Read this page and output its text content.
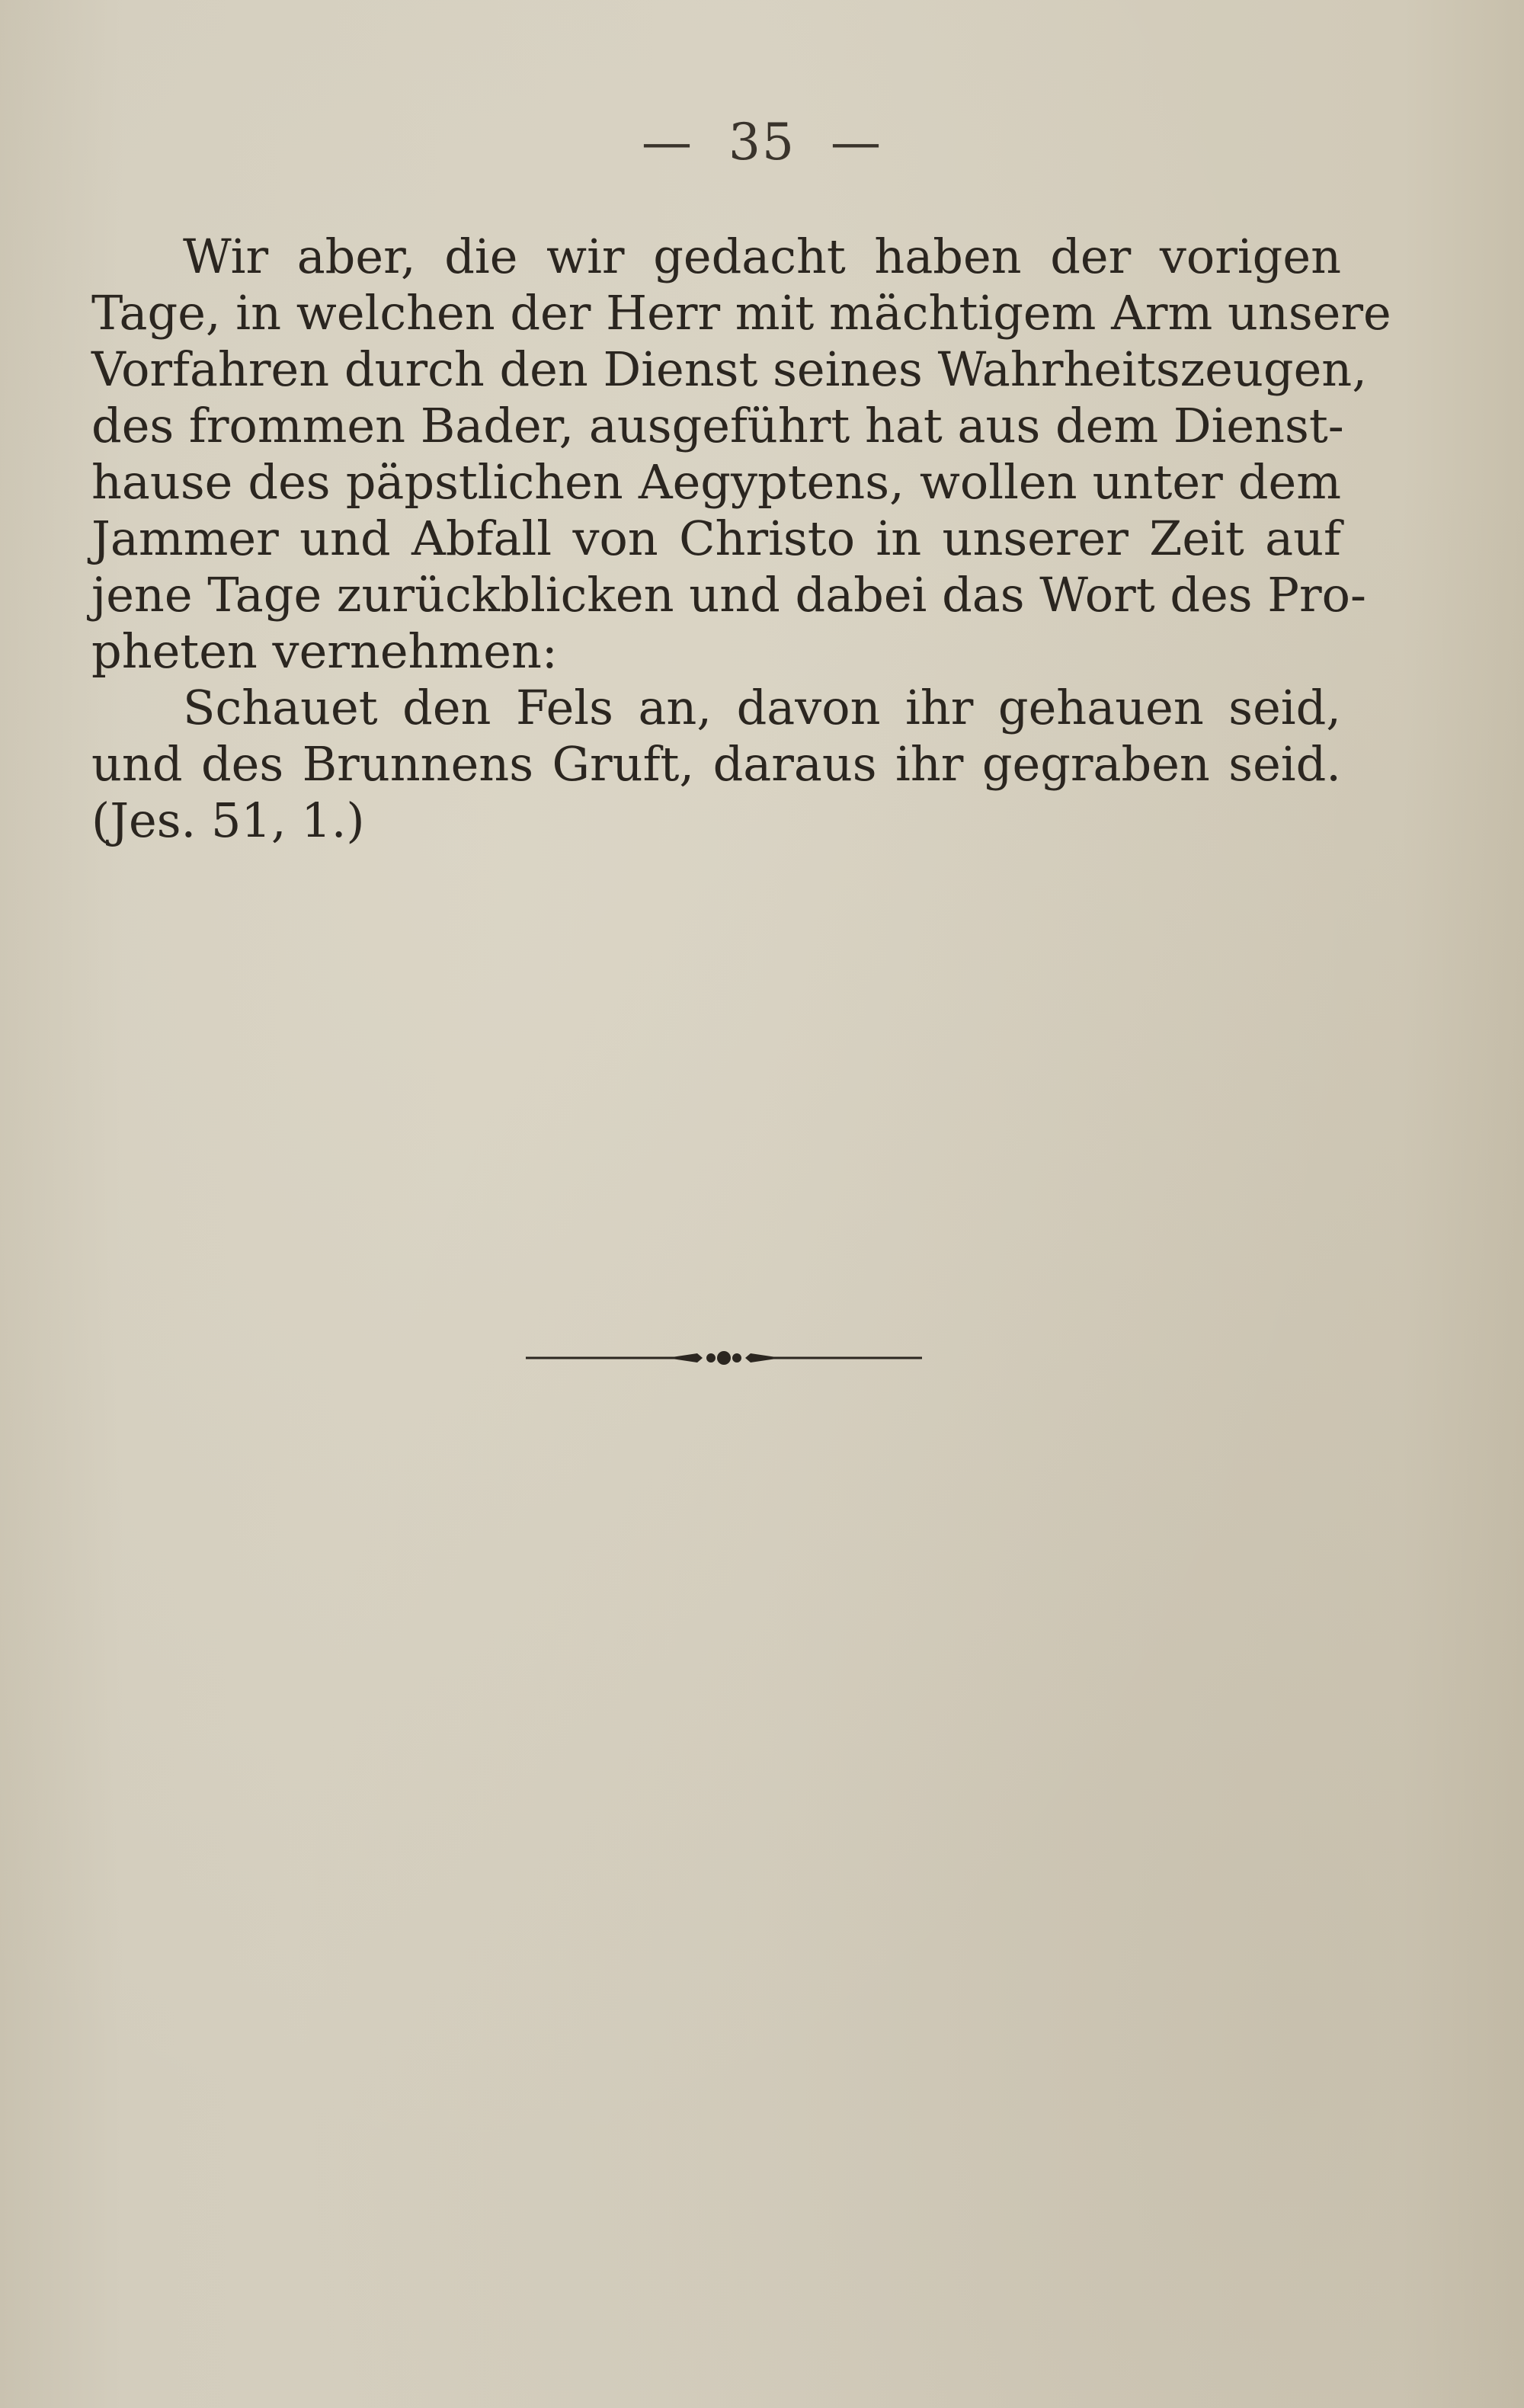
— 35 —
Wir aber, die wir gedacht haben der vorigen
Tage, in welchen der Herr mit mächtigem Arm unsere
Vorfahren durch den Dienst seines Wahrheitszeugen,
des frommen Bader, ausgeführt hat aus dem Dienst-
hause des päpstlichen Aegyptens, wollen unter dem
Jammer und Abfall von Christo in unserer Zeit auf
jene Tage zurückblicken und dabei das Wort des Pro-
pheten vernehmen:
Schauet den Fels an, davon ihr gehauen seid,
und des Brunnens Gruft, daraus ihr gegraben seid.
(Jes. 51, 1.)
